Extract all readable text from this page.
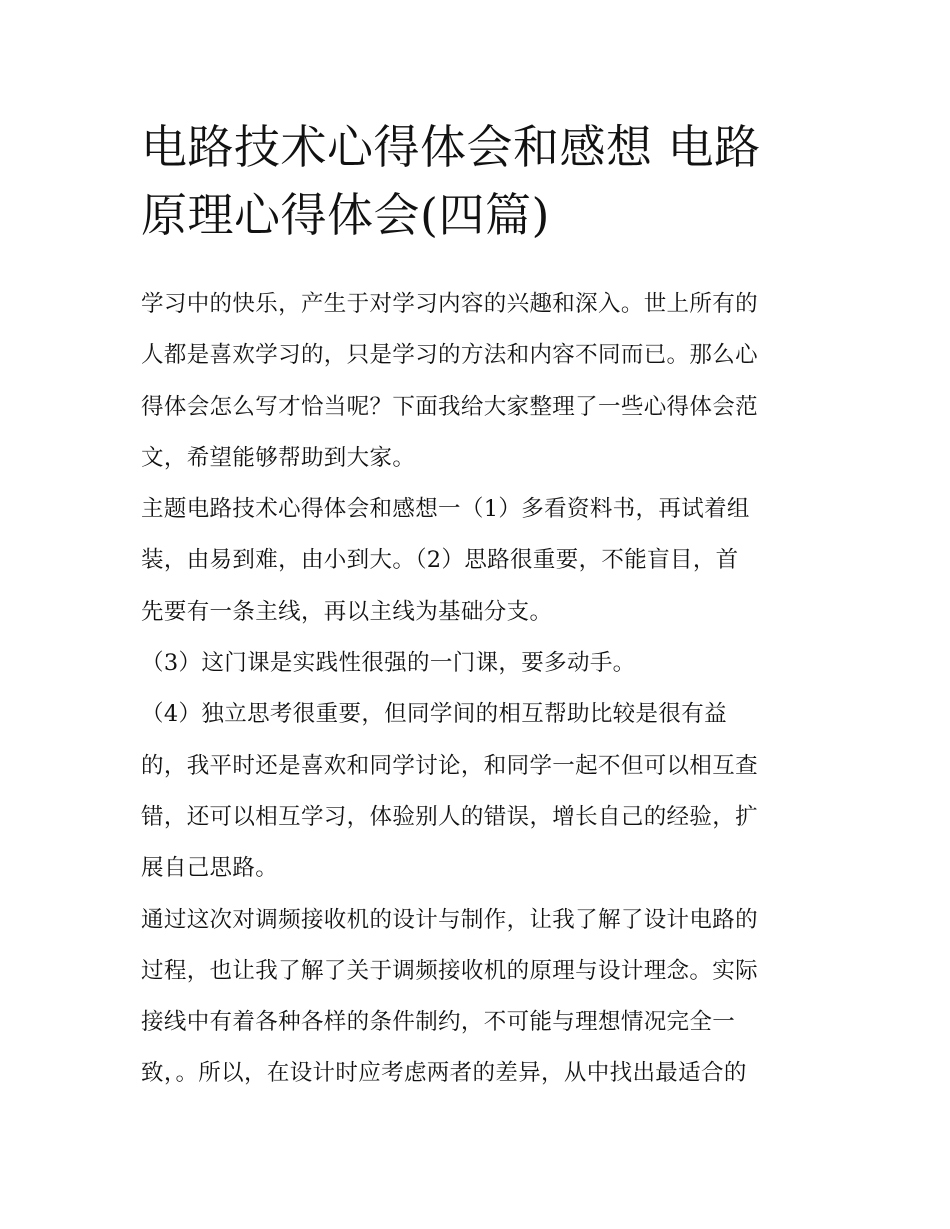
电路技术心得体会和感想 电路
原理心得体会(四篇)
学习中的快乐，产生于对学习内容的兴趣和深入。世上所有的
人都是喜欢学习的，只是学习的方法和内容不同而已。那么心
得体会怎么写才恰当呢？下面我给大家整理了一些心得体会范
文，希望能够帮助到大家。
主题电路技术心得体会和感想一（1）多看资料书，再试着组
装，由易到难，由小到大。（2）思路很重要，不能盲目，首
先要有一条主线，再以主线为基础分支。
（3）这门课是实践性很强的一门课，要多动手。
（4）独立思考很重要，但同学间的相互帮助比较是很有益
的，我平时还是喜欢和同学讨论，和同学一起不但可以相互查
错，还可以相互学习，体验别人的错误，增长自己的经验，扩
展自己思路。
通过这次对调频接收机的设计与制作，让我了解了设计电路的
过程，也让我了解了关于调频接收机的原理与设计理念。实际
接线中有着各种各样的条件制约，不可能与理想情况完全一
致，。所以，在设计时应考虑两者的差异，从中找出最适合的
